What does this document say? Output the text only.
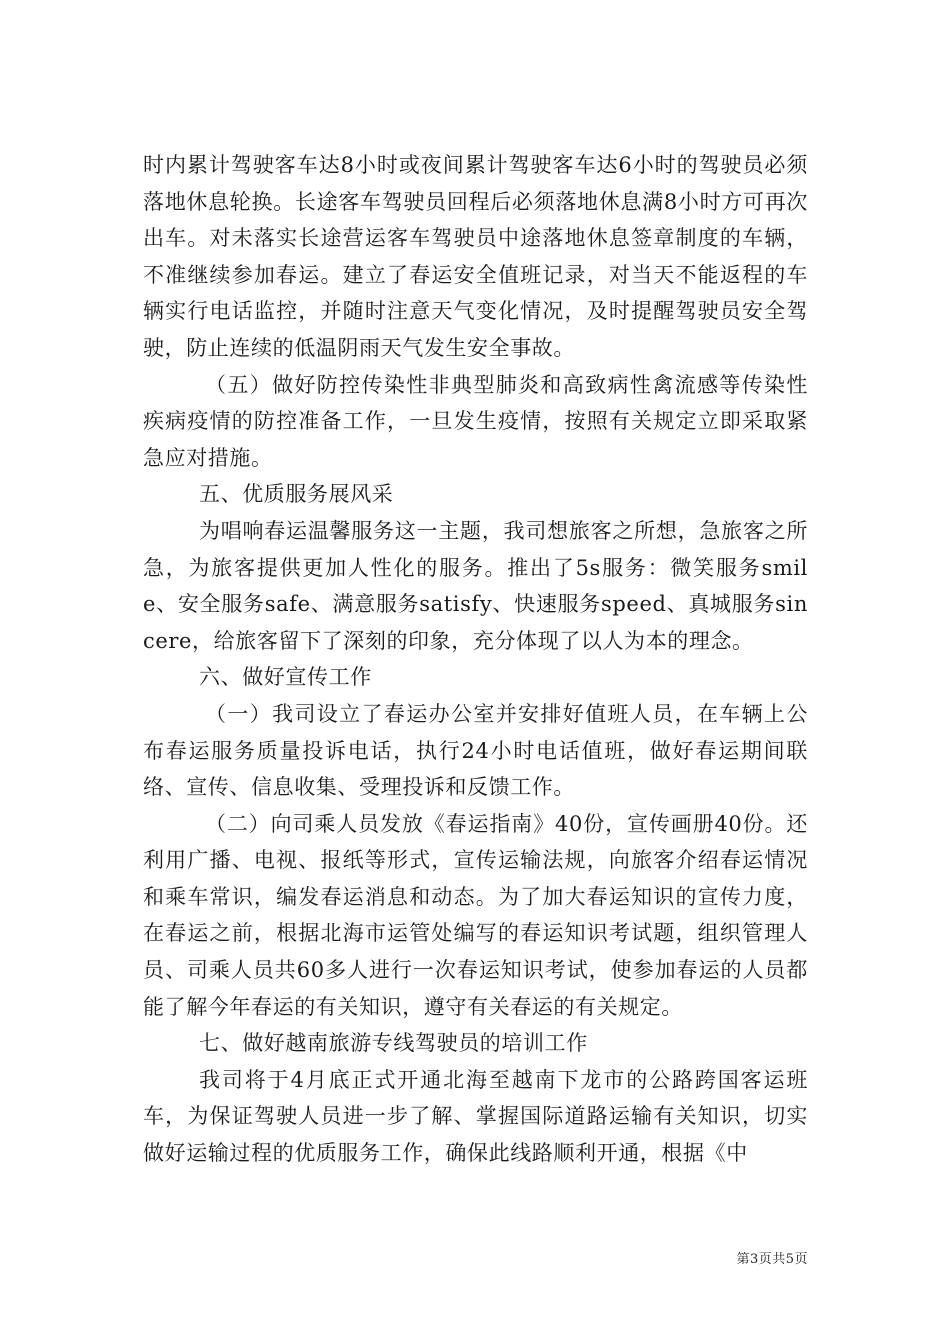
时内累计驾驶客车达8小时或夜间累计驾驶客车达6小时的驾驶员必须落地休息轮换。长途客车驾驶员回程后必须落地休息满8小时方可再次出车。对未落实长途营运客车驾驶员中途落地休息签章制度的车辆，不准继续参加春运。建立了春运安全值班记录，对当天不能返程的车辆实行电话监控，并随时注意天气变化情况，及时提醒驾驶员安全驾驶，防止连续的低温阴雨天气发生安全事故。

（五）做好防控传染性非典型肺炎和高致病性禽流感等传染性疾病疫情的防控准备工作，一旦发生疫情，按照有关规定立即采取紧急应对措施。

五、优质服务展风采

为唱响春运温馨服务这一主题，我司想旅客之所想，急旅客之所急，为旅客提供更加人性化的服务。推出了5s服务：微笑服务smile、安全服务safe、满意服务satisfy、快速服务speed、真城服务sincere，给旅客留下了深刻的印象，充分体现了以人为本的理念。

六、做好宣传工作

（一）我司设立了春运办公室并安排好值班人员，在车辆上公布春运服务质量投诉电话，执行24小时电话值班，做好春运期间联络、宣传、信息收集、受理投诉和反馈工作。

（二）向司乘人员发放《春运指南》40份，宣传画册40份。还利用广播、电视、报纸等形式，宣传运输法规，向旅客介绍春运情况和乘车常识，编发春运消息和动态。为了加大春运知识的宣传力度，在春运之前，根据北海市运管处编写的春运知识考试题，组织管理人员、司乘人员共60多人进行一次春运知识考试，使参加春运的人员都能了解今年春运的有关知识，遵守有关春运的有关规定。

七、做好越南旅游专线驾驶员的培训工作

我司将于4月底正式开通北海至越南下龙市的公路跨国客运班车，为保证驾驶人员进一步了解、掌握国际道路运输有关知识，切实做好运输过程的优质服务工作，确保此线路顺利开通，根据《中

第3页共5页
